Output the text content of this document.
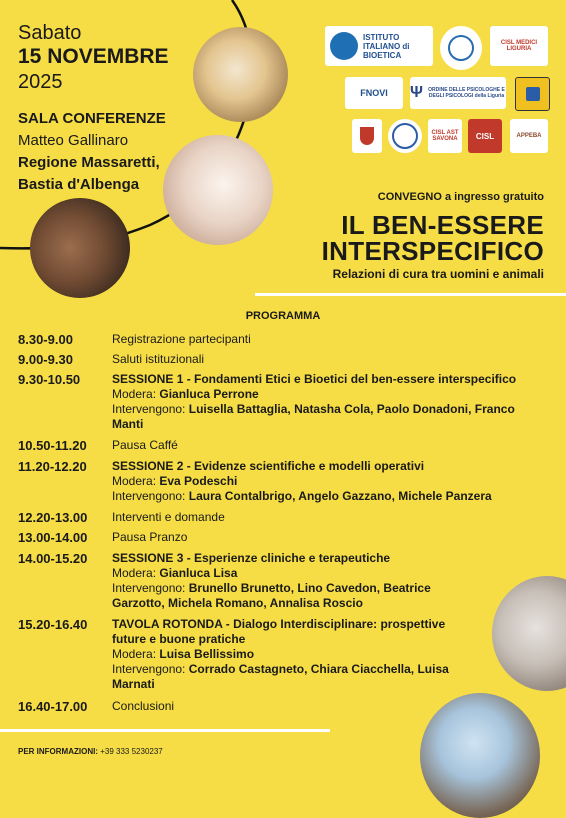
Sabato
15 NOVEMBRE
2025
SALA CONFERENZE
Matteo Gallinaro
Regione Massaretti,
Bastia d'Albenga
ISTITUTO ITALIANO di BIOETICA
CISL MEDICI LIGURIA
FNOVI	Ψ ORDINE DELLE PSICOLOGHE E DEGLI PSICOLOGI della Liguria
CISL AST SAVONA	CISL	APPEBA
CONVEGNO a ingresso gratuito
IL BEN-ESSERE
INTERSPECIFICO
Relazioni di cura tra uomini e animali
PROGRAMMA
8.30-9.00	Registrazione partecipanti
9.00-9.30	Saluti istituzionali
9.30-10.50	SESSIONE 1 - Fondamenti Etici e Bioetici del ben-essere interspecifico
Modera: Gianluca Perrone
Intervengono: Luisella Battaglia, Natasha Cola, Paolo Donadoni, Franco Manti
10.50-11.20	Pausa Caffé
11.20-12.20	SESSIONE 2 - Evidenze scientifiche e modelli operativi
Modera: Eva Podeschi
Intervengono: Laura Contalbrigo, Angelo Gazzano, Michele Panzera
12.20-13.00	Interventi e domande
13.00-14.00	Pausa Pranzo
14.00-15.20	SESSIONE 3 - Esperienze cliniche e terapeutiche
Modera: Gianluca Lisa
Intervengono: Brunello Brunetto, Lino Cavedon, Beatrice Garzotto, Michela Romano, Annalisa Roscio
15.20-16.40	TAVOLA ROTONDA - Dialogo Interdisciplinare: prospettive future e buone pratiche
Modera: Luisa Bellissimo
Intervengono: Corrado Castagneto, Chiara Ciacchella, Luisa Marnati
16.40-17.00	Conclusioni
PER INFORMAZIONI: +39 333 5230237
